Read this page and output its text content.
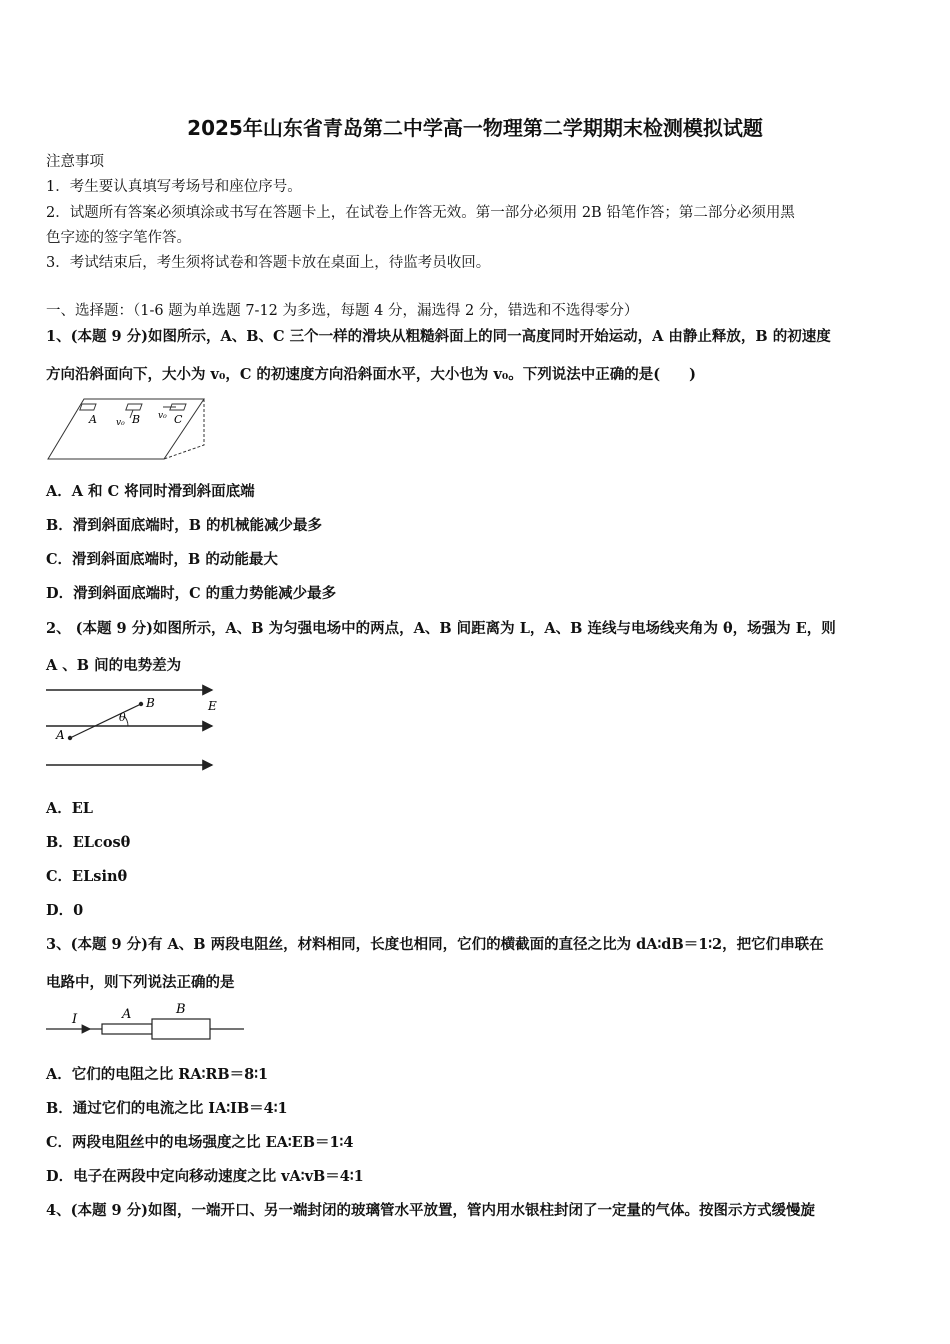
2025年山东省青岛第二中学高一物理第二学期期末检测模拟试题
注意事项
1．考生要认真填写考场号和座位序号。
2．试题所有答案必须填涂或书写在答题卡上，在试卷上作答无效。第一部分必须用 2B 铅笔作答；第二部分必须用黑
色字迹的签字笔作答。
3．考试结束后，考生须将试卷和答题卡放在桌面上，待监考员收回。
一、选择题：（1-6 题为单选题 7-12 为多选，每题 4 分，漏选得 2 分，错选和不选得零分）
1、(本题 9 分)如图所示，A、B、C 三个一样的滑块从粗糙斜面上的同一高度同时开始运动，A 由静止释放，B 的初速度
方向沿斜面向下，大小为 v₀，C 的初速度方向沿斜面水平，大小也为 v₀。下列说法中正确的是(　　)
A v₀ B v₀ C
A．A 和 C 将同时滑到斜面底端
B．滑到斜面底端时，B 的机械能减少最多
C．滑到斜面底端时，B 的动能最大
D．滑到斜面底端时，C 的重力势能减少最多
2、 (本题 9 分)如图所示，A、B 为匀强电场中的两点，A、B 间距离为 L，A、B 连线与电场线夹角为 θ，场强为 E，则
A 、B 间的电势差为
B	E
θ
A
A．EL
B．ELcosθ
C．ELsinθ
D．0
3、(本题 9 分)有 A、B 两段电阻丝，材料相同，长度也相同，它们的横截面的直径之比为 dA∶dB＝1∶2，把它们串联在
电路中，则下列说法正确的是
I	A	B
A．它们的电阻之比 RA∶RB＝8∶1
B．通过它们的电流之比 IA∶IB＝4∶1
C．两段电阻丝中的电场强度之比 EA∶EB＝1∶4
D．电子在两段中定向移动速度之比 vA∶vB＝4∶1
4、(本题 9 分)如图，一端开口、另一端封闭的玻璃管水平放置，管内用水银柱封闭了一定量的气体。按图示方式缓慢旋
